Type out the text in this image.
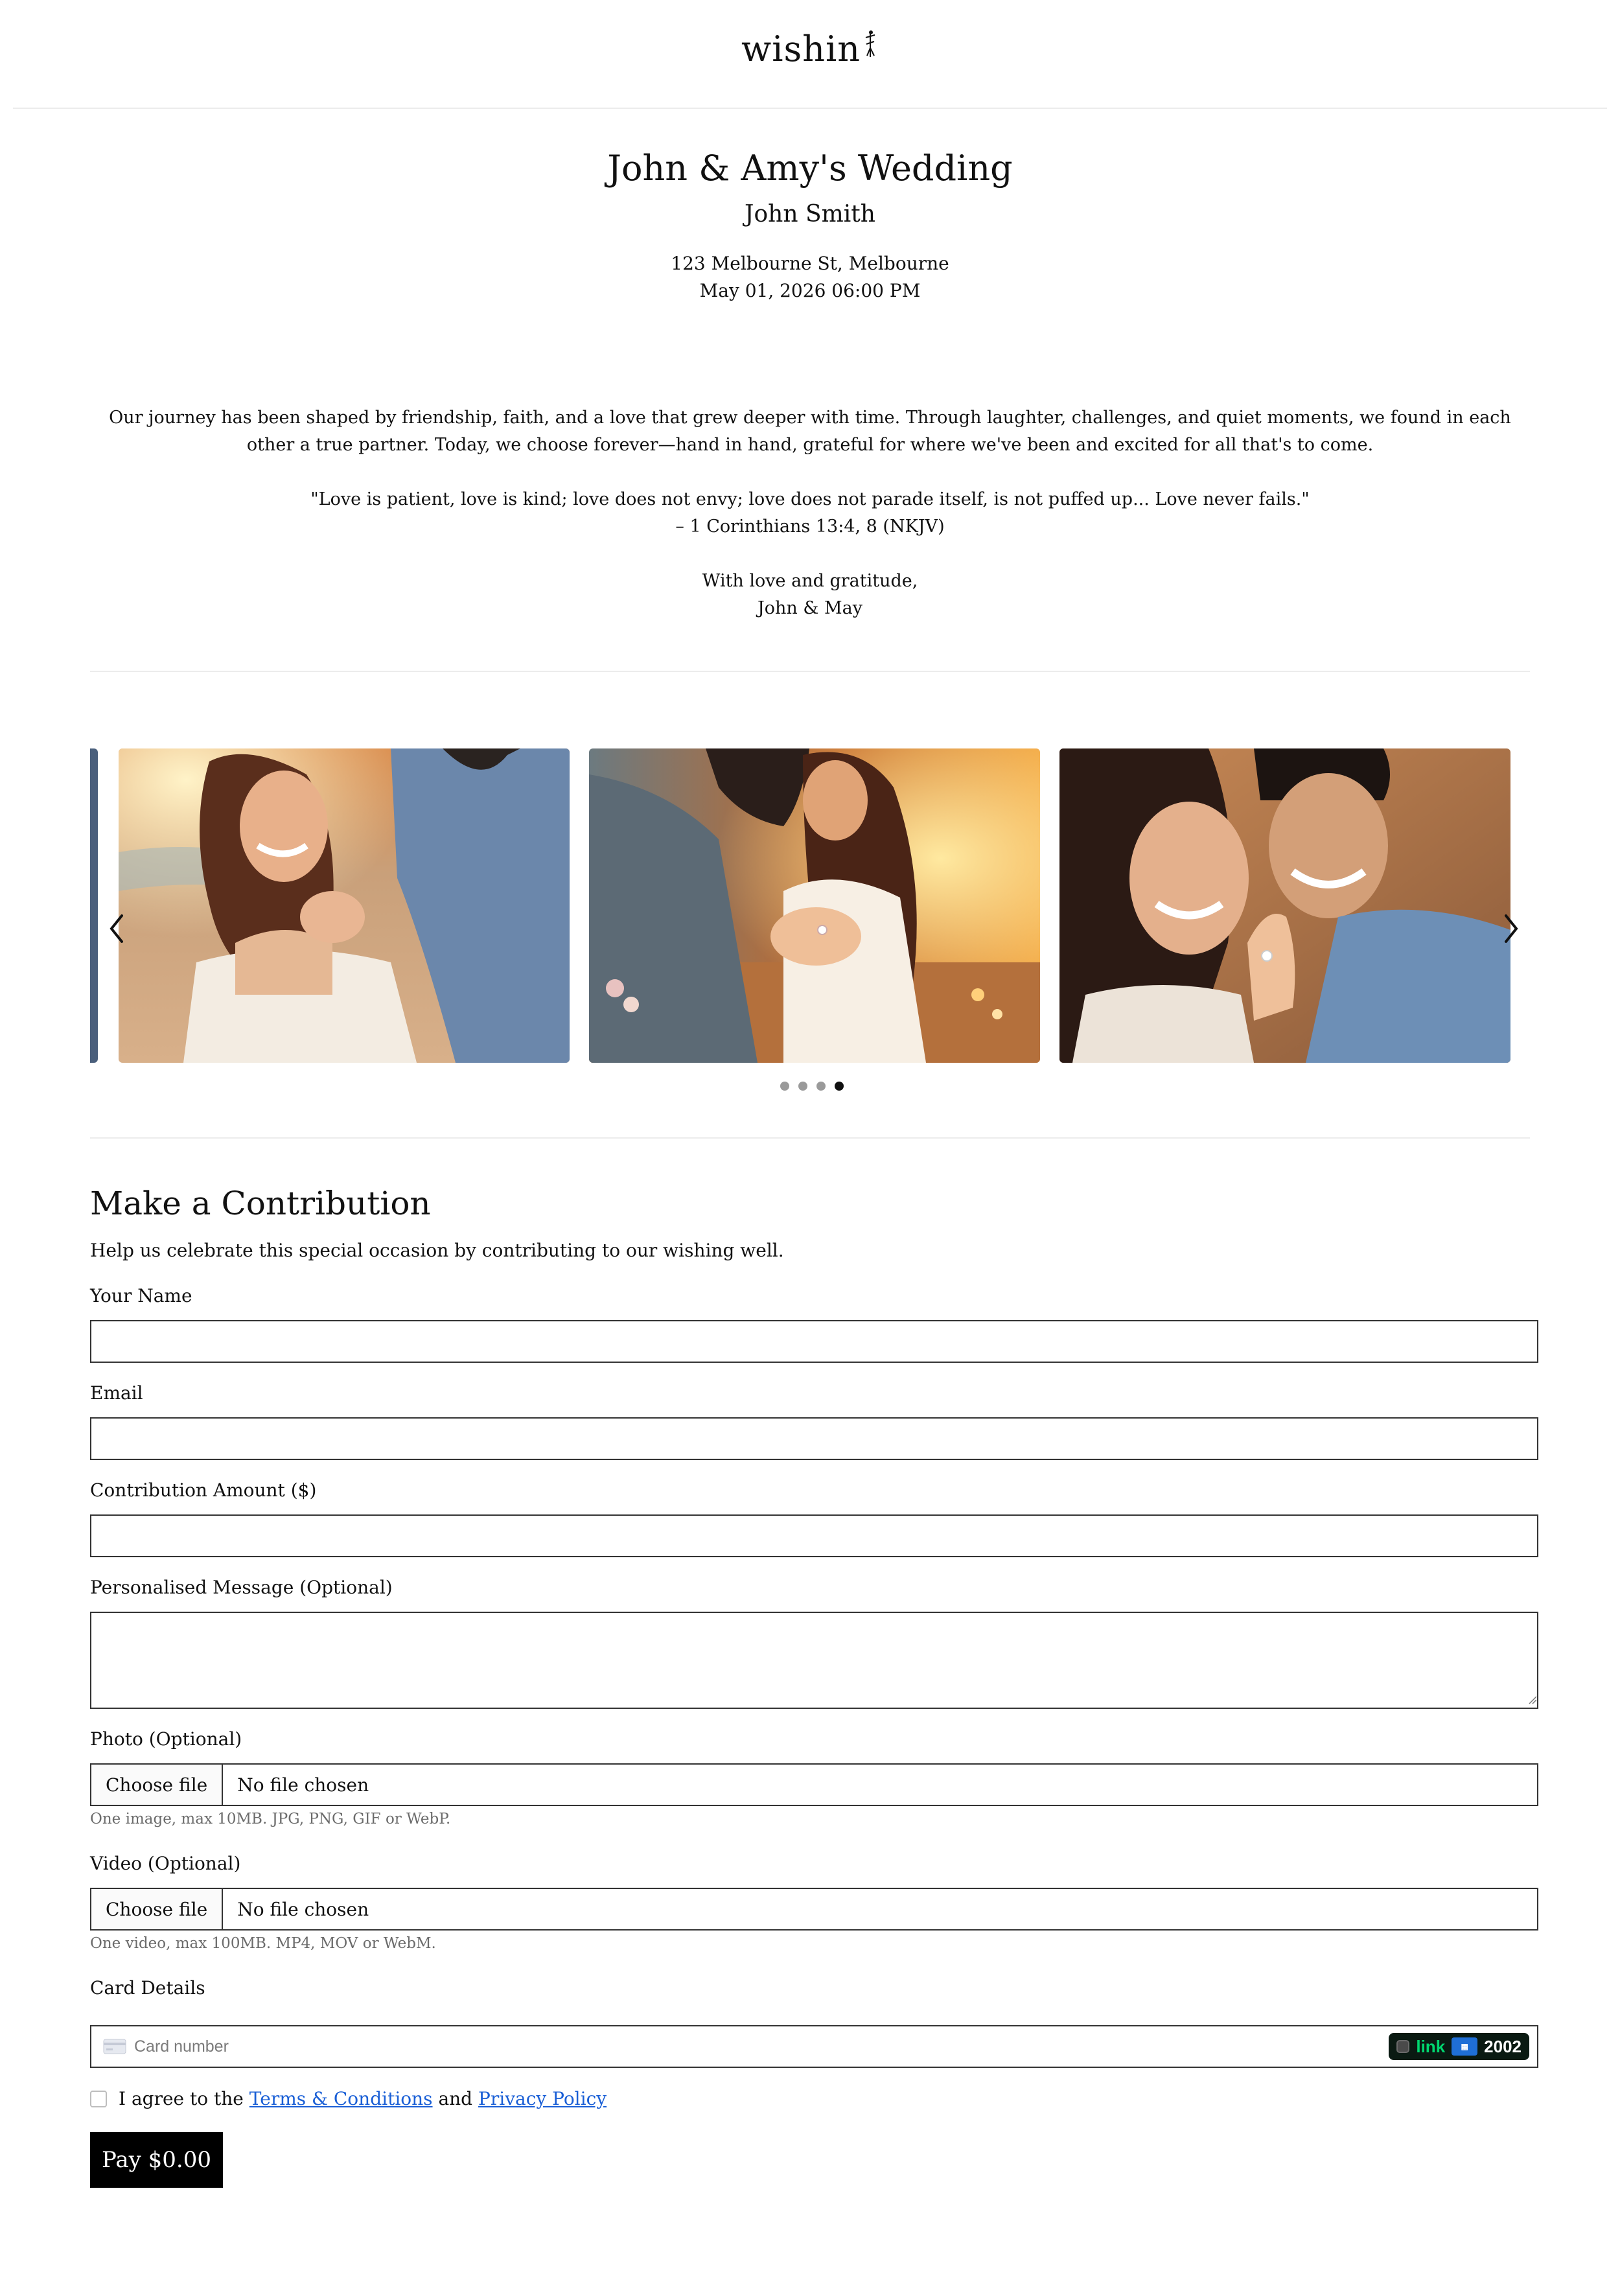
wishin
John & Amy's Wedding
John Smith
123 Melbourne St, Melbourne
May 01, 2026 06:00 PM

Our journey has been shaped by friendship, faith, and a love that grew deeper with time. Through laughter, challenges, and quiet moments, we found in each other a true partner. Today, we choose forever—hand in hand, grateful for where we've been and excited for all that's to come.

"Love is patient, love is kind; love does not envy; love does not parade itself, is not puffed up... Love never fails."
– 1 Corinthians 13:4, 8 (NKJV)

With love and gratitude,
John & May

Make a Contribution
Help us celebrate this special occasion by contributing to our wishing well.
Your Name
Email
Contribution Amount ($)
Personalised Message (Optional)
Photo (Optional)
Choose file	No file chosen
One image, max 10MB. JPG, PNG, GIF or WebP.
Video (Optional)
Choose file	No file chosen
One video, max 100MB. MP4, MOV or WebM.
Card Details
Card number	link	▦ 2002
I agree to the
Terms & Conditions
and
Privacy Policy
Pay $0.00
